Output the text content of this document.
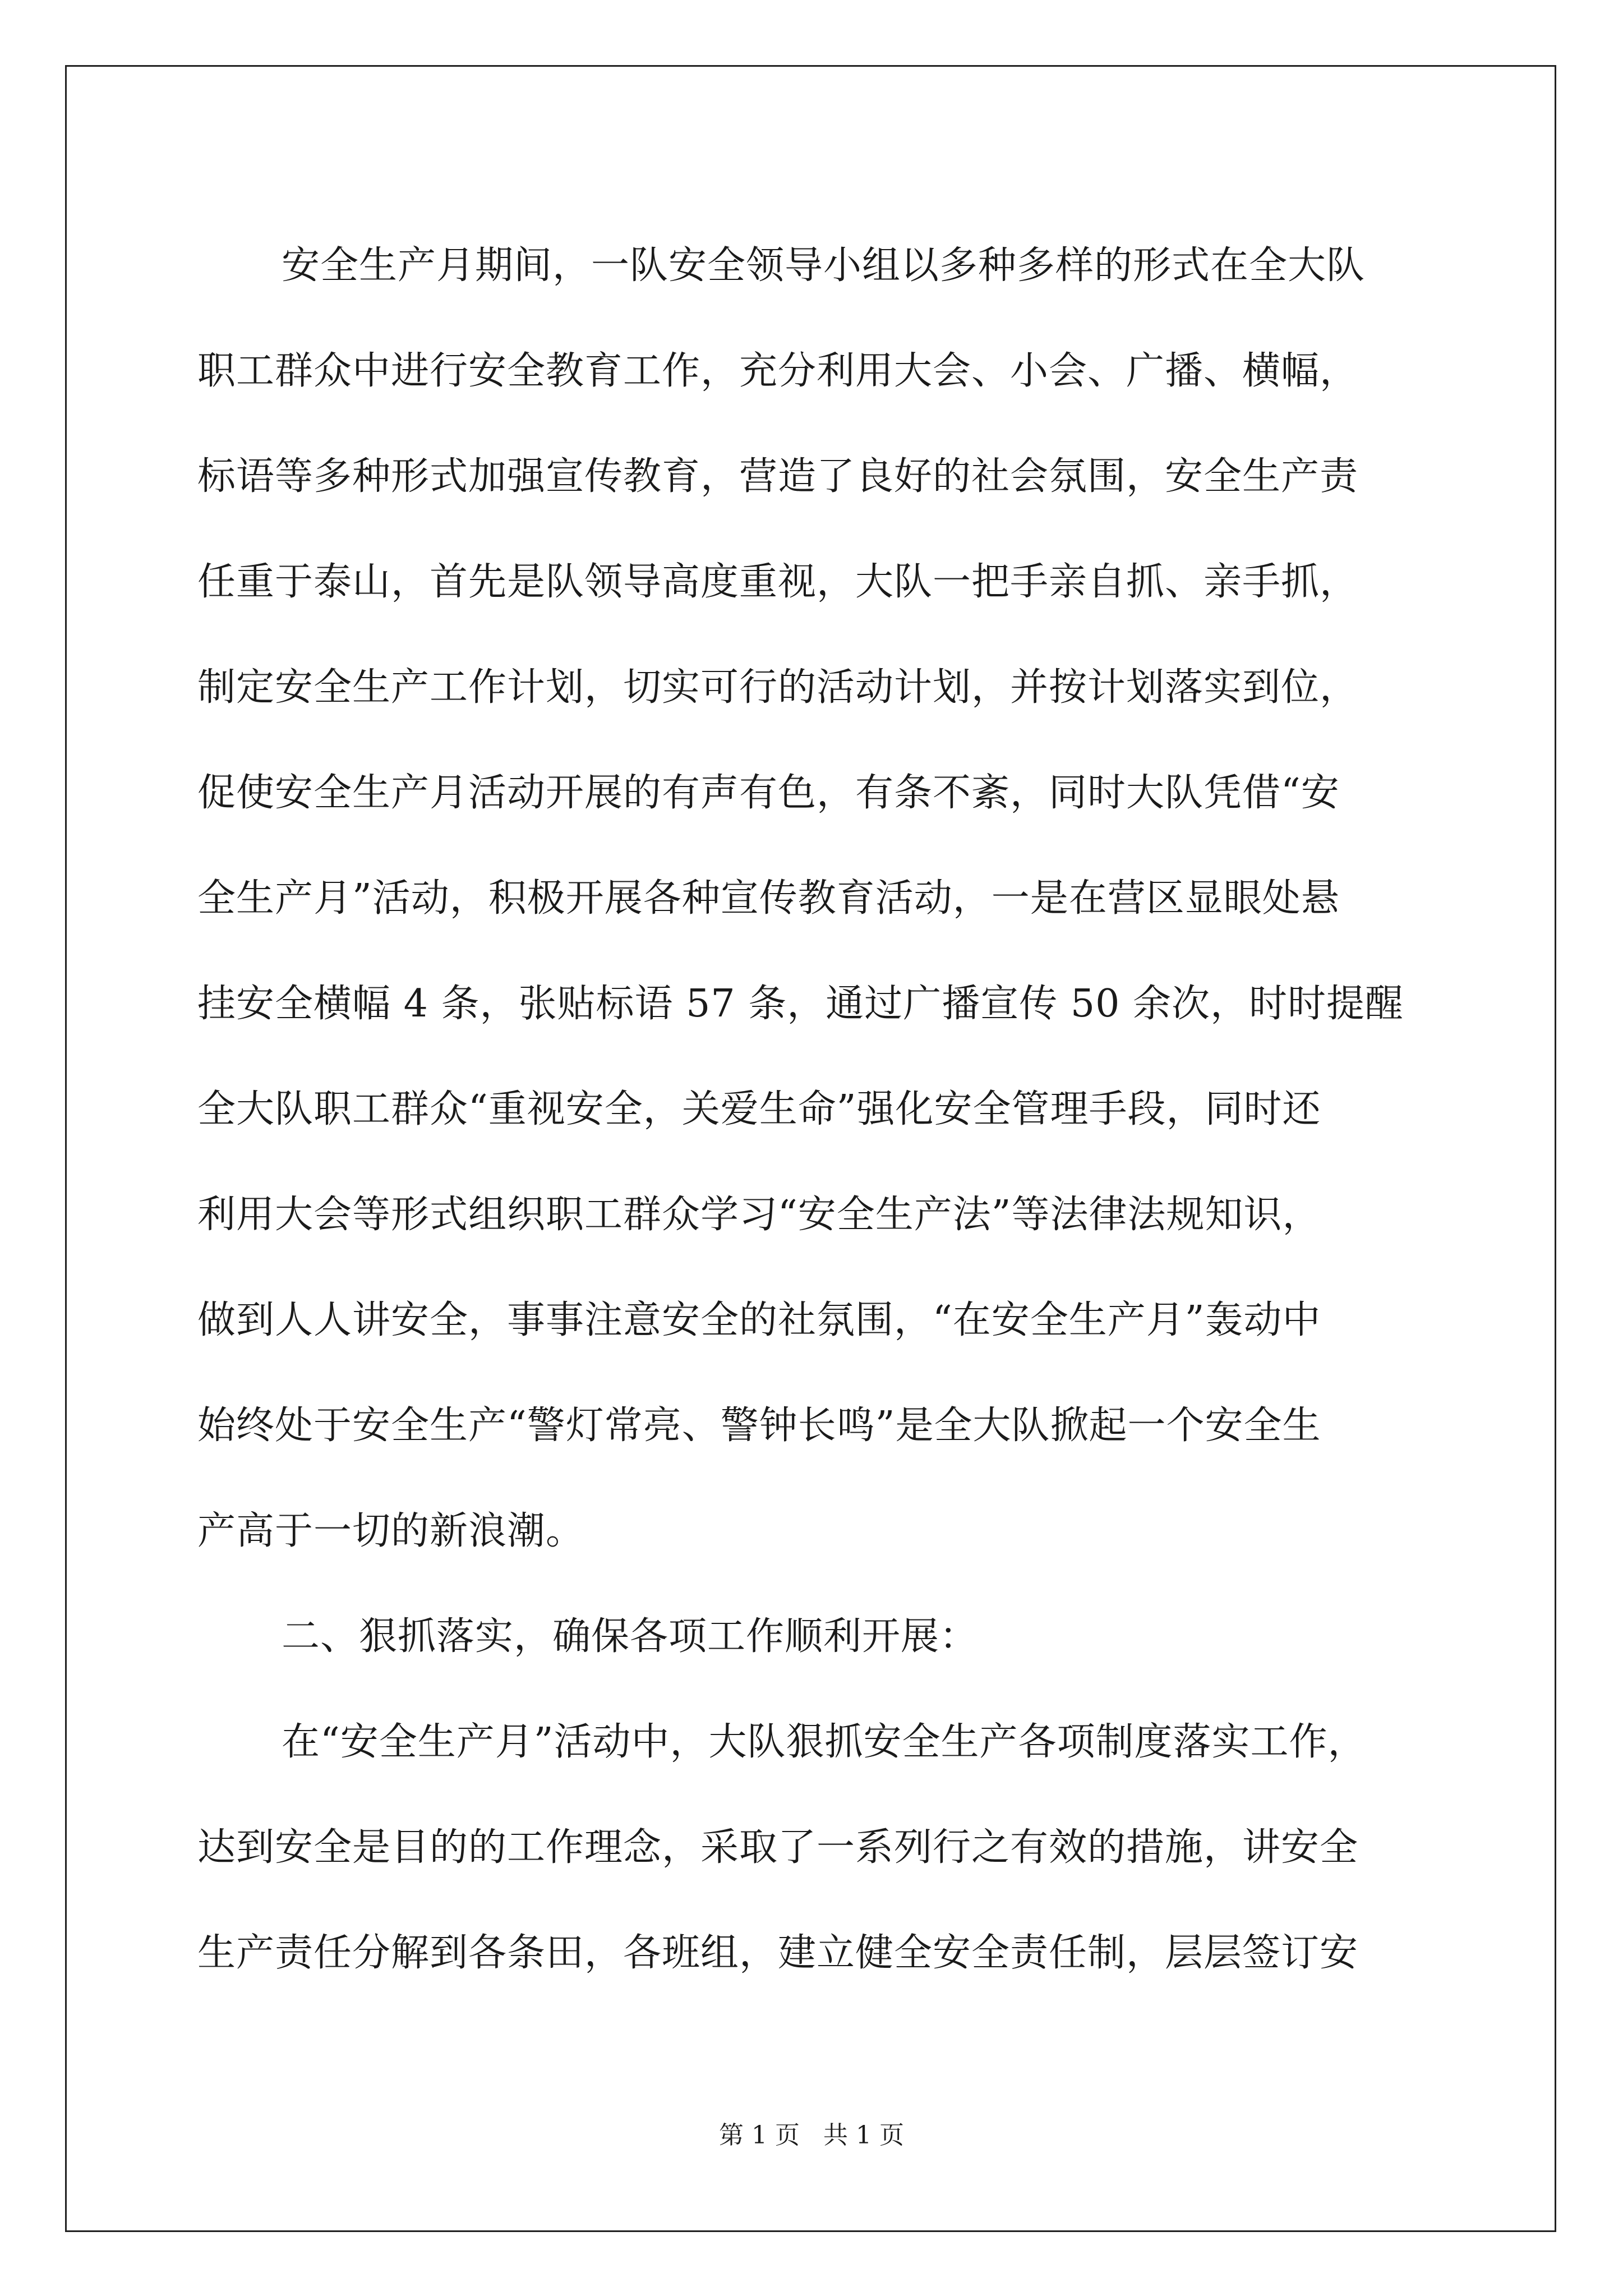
安全生产月期间，一队安全领导小组以多种多样的形式在全大队
职工群众中进行安全教育工作，充分利用大会、小会、广播、横幅，
标语等多种形式加强宣传教育，营造了良好的社会氛围，安全生产责
任重于泰山，首先是队领导高度重视，大队一把手亲自抓、亲手抓，
制定安全生产工作计划，切实可行的活动计划，并按计划落实到位，
促使安全生产月活动开展的有声有色，有条不紊，同时大队凭借“安
全生产月”活动，积极开展各种宣传教育活动，一是在营区显眼处悬
挂安全横幅 4 条，张贴标语 57 条，通过广播宣传 50 余次，时时提醒
全大队职工群众“重视安全，关爱生命”强化安全管理手段，同时还
利用大会等形式组织职工群众学习“安全生产法”等法律法规知识，
做到人人讲安全，事事注意安全的社氛围，“在安全生产月”轰动中
始终处于安全生产“警灯常亮、警钟长鸣”是全大队掀起一个安全生
产高于一切的新浪潮。
二、狠抓落实，确保各项工作顺利开展：
在“安全生产月”活动中，大队狠抓安全生产各项制度落实工作，
达到安全是目的的工作理念，采取了一系列行之有效的措施，讲安全
生产责任分解到各条田，各班组，建立健全安全责任制，层层签订安
第 1 页   共 1 页
